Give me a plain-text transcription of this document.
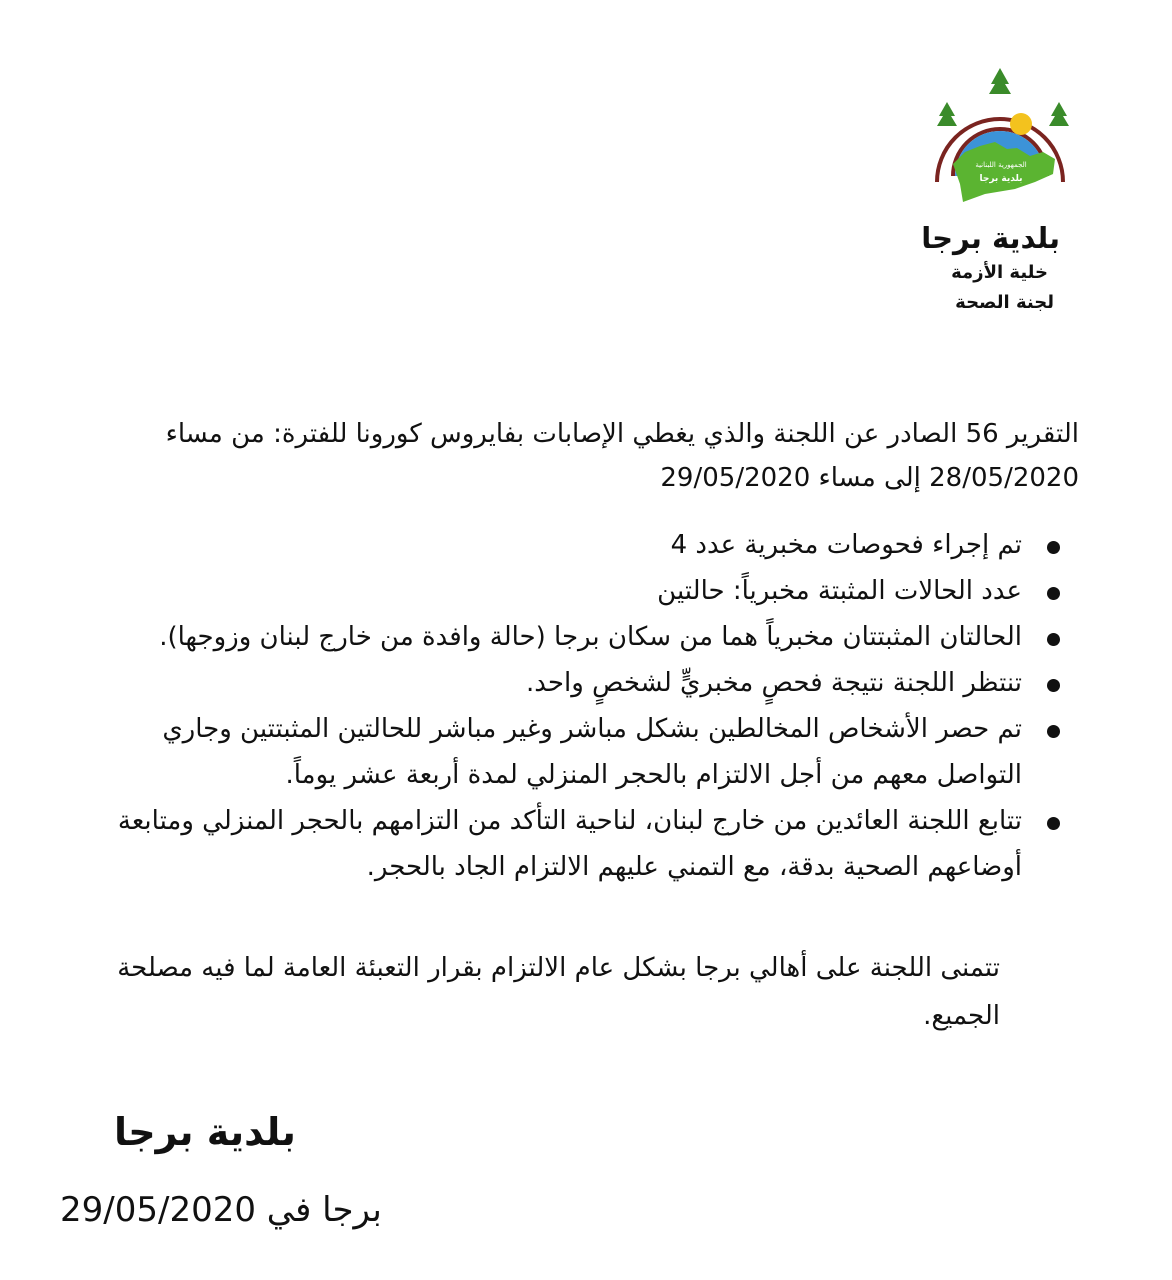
الجمهورية اللبنانية
بلدية برجا
بلدية برجا
خلية الأزمة
لجنة الصحة
التقرير 56 الصادر عن اللجنة والذي يغطي الإصابات بفايروس كورونا للفترة: من مساء
28/05/2020 إلى مساء 29/05/2020
تم إجراء فحوصات مخبرية عدد 4
عدد الحالات المثبتة مخبرياً: حالتين
الحالتان المثبتتان مخبرياً هما من سكان برجا (حالة وافدة من خارج لبنان وزوجها).
تنتظر اللجنة نتيجة فحصٍ مخبريٍّ لشخصٍ واحد.
تم حصر الأشخاص المخالطين بشكل مباشر وغير مباشر للحالتين المثبتتين وجاري التواصل معهم من أجل الالتزام بالحجر المنزلي لمدة أربعة عشر يوماً.
تتابع اللجنة العائدين من خارج لبنان، لناحية التأكد من التزامهم بالحجر المنزلي ومتابعة أوضاعهم الصحية بدقة، مع التمني عليهم الالتزام الجاد بالحجر.
تتمنى اللجنة على أهالي برجا بشكل عام الالتزام بقرار التعبئة العامة لما فيه مصلحة الجميع.
بلدية برجا
برجا في 29/05/2020
